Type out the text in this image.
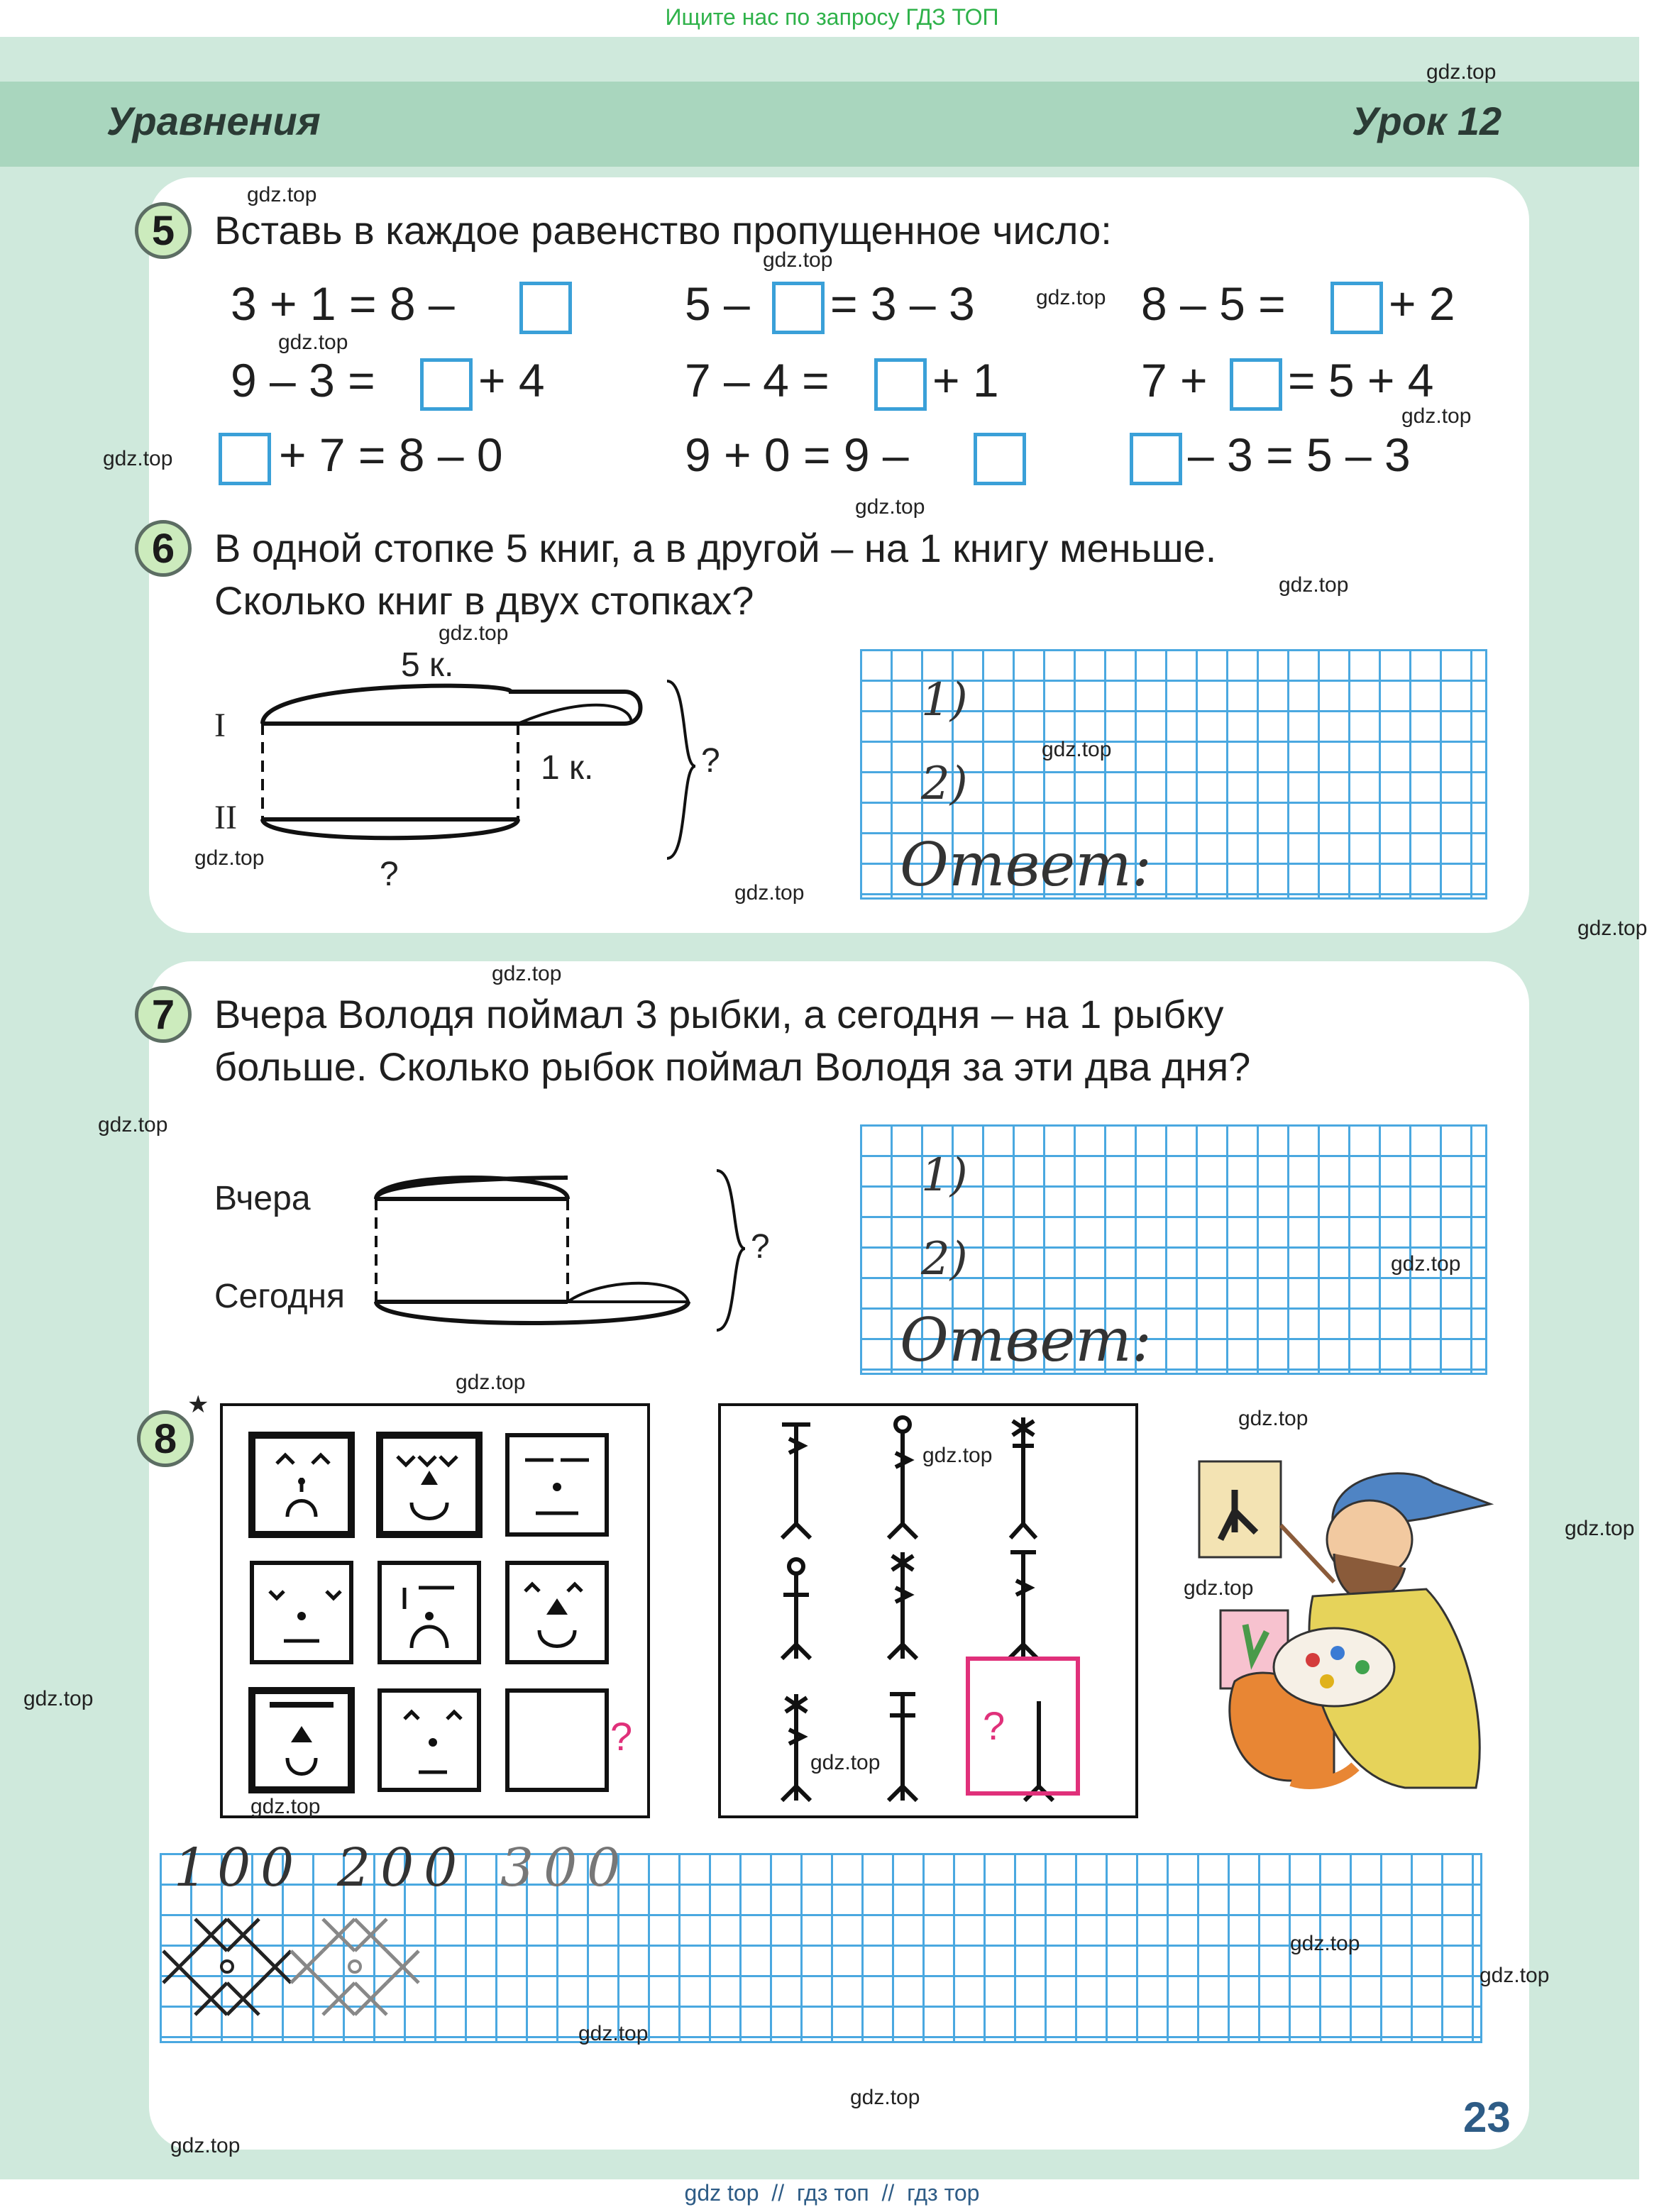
Ищите нас по запросу ГДЗ ТОП
Уравнения	Урок 12
5 Вставь в каждое равенство пропущенное число:
3 + 1 = 8 –	5 – = 3 – 3	8 – 5 = + 2
9 – 3 = + 4	7 – 4 = + 1	7 + = 5 + 4
+ 7 = 8 – 0	9 + 0 = 9 –	– 3 = 5 – 3
6 В одной стопке 5 книг, а в другой – на 1 книгу меньше.
Сколько книг в двух стопках?
5 к.
I
II
1 к.	?
?
1)
2)
Ответ:
7 Вчера Володя поймал 3 рыбки, а сегодня – на 1 рыбку
больше. Сколько рыбок поймал Володя за эти два дня?
Вчера
Сегодня
?
1)
2)
Ответ:
8
★
?	?
100 200 300
23
gdz.top
gdz.top
gdz.top
gdz.top
gdz.top
gdz.top
gdz.top
gdz.top
gdz.top
gdz.top
gdz.top
gdz.top
gdz.top
gdz.top
gdz.top
gdz.top
gdz.top
gdz.top
gdz.top
gdz.top
gdz.top
gdz.top
gdz.top
gdz.top
gdz.top
gdz.top
gdz.top
gdz.top
gdz.top
gdz.top
gdz top  //  гдз топ  //  гдз тор
